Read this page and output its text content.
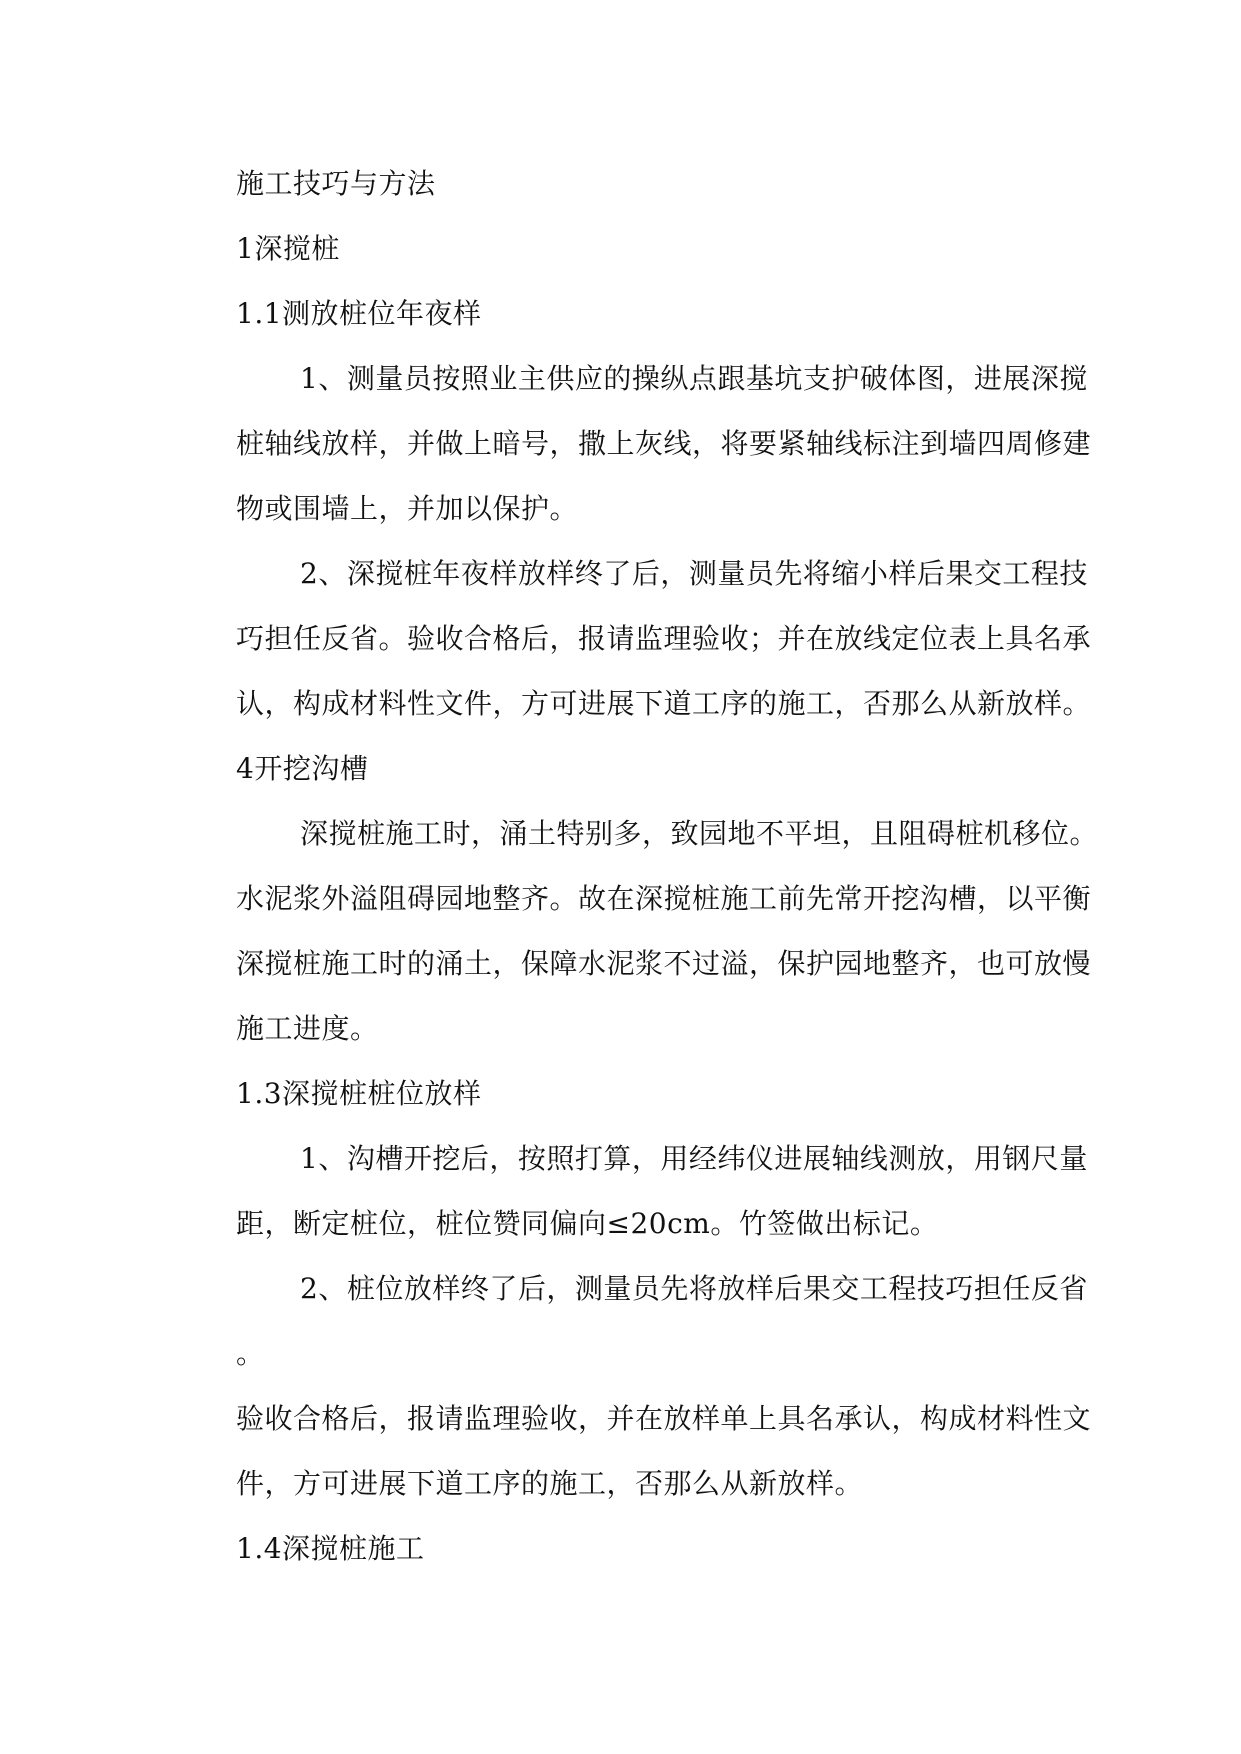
施工技巧与方法
1深搅桩
1.1测放桩位年夜样
1、测量员按照业主供应的操纵点跟基坑支护破体图，进展深搅
桩轴线放样，并做上暗号，撒上灰线，将要紧轴线标注到墙四周修建
物或围墙上，并加以保护。
2、深搅桩年夜样放样终了后，测量员先将缩小样后果交工程技
巧担任反省。验收合格后，报请监理验收；并在放线定位表上具名承
认，构成材料性文件，方可进展下道工序的施工，否那么从新放样。
4开挖沟槽
深搅桩施工时，涌土特别多，致园地不平坦，且阻碍桩机移位。
水泥浆外溢阻碍园地整齐。故在深搅桩施工前先常开挖沟槽，以平衡
深搅桩施工时的涌土，保障水泥浆不过溢，保护园地整齐，也可放慢
施工进度。
1.3深搅桩桩位放样
1、沟槽开挖后，按照打算，用经纬仪进展轴线测放，用钢尺量
距，断定桩位，桩位赞同偏向≤20cm。竹签做出标记。
2、桩位放样终了后，测量员先将放样后果交工程技巧担任反省
。
验收合格后，报请监理验收，并在放样单上具名承认，构成材料性文
件，方可进展下道工序的施工，否那么从新放样。
1.4深搅桩施工
